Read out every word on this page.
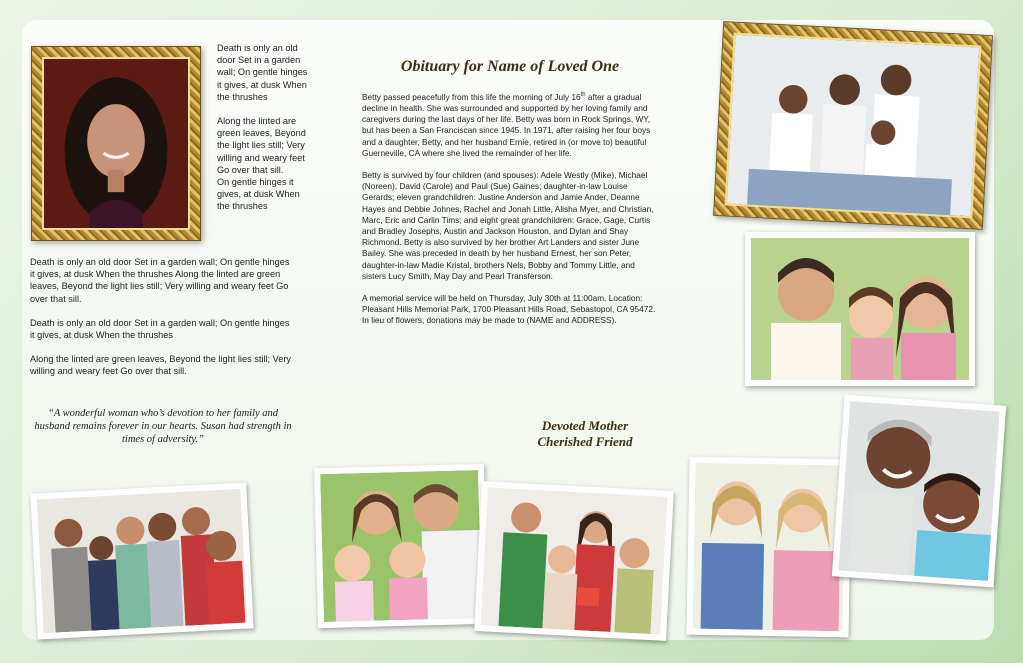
Death is only an old door Set in a garden wall; On gentle hinges it gives, at dusk When the thrushes

Along the linted are green leaves, Beyond the light lies still; Very willing and weary feet Go over that sill.
On gentle hinges it gives, at dusk When the thrushes

Death is only an old door Set in a garden wall; On gentle hinges it gives, at dusk When the thrushes Along the linted are green leaves, Beyond the light lies still; Very willing and weary feet Go over that sill.

Death is only an old door Set in a garden wall; On gentle hinges it gives, at dusk When the thrushes

Along the linted are green leaves, Beyond the light lies still; Very willing and weary feet Go over that sill.

“A wonderful woman who’s devotion to her family and husband remains forever in our hearts. Susan had strength in times of adversity.”
Obituary for Name of Loved One

Betty passed peacefully from this life the morning of July 16th after a gradual decline in health. She was surrounded and supported by her loving family and caregivers during the last days of her life. Betty was born in Rock Springs, WY, but has been a San Franciscan since 1945. In 1971, after raising her four boys and a daughter, Betty, and her husband Ernie, retired in (or move to) beautiful Guerneville, CA where she lived the remainder of her life.

Betty is survived by four children (and spouses): Adele Westly (Mike), Michael (Noreen), David (Carole) and Paul (Sue) Gaines; daughter-in-law Louise Gerards; eleven grandchildren: Justine Anderson and Jamie Ander, Deanne Hayes and Debbie Johnes, Rachel and Jonah Little, Alisha Myer, and Christian, Marc, Eric and Carlin Tims; and eight great grandchildren: Grace, Gage, Curtis and Bradley Josephs, Austin and Jackson Houston, and Dylan and Shay Richmond. Betty is also survived by her brother Art Landers and sister June Bailey. She was preceded in death by her husband Ernest, her son Peter, daughter-in-law Madie Kristal, brothers Nels, Bobby and Tommy Little, and sisters Lucy Smith, May Day and Pearl Transferson.

A memorial service will be held on Thursday, July 30th at 11:00am. Location: Pleasant Hills Memorial Park, 1700 Pleasant Hills Road, Sebastopol, CA 95472. In lieu of flowers, donations may be made to (NAME and ADDRESS).

Devoted Mother
Cherished Friend
